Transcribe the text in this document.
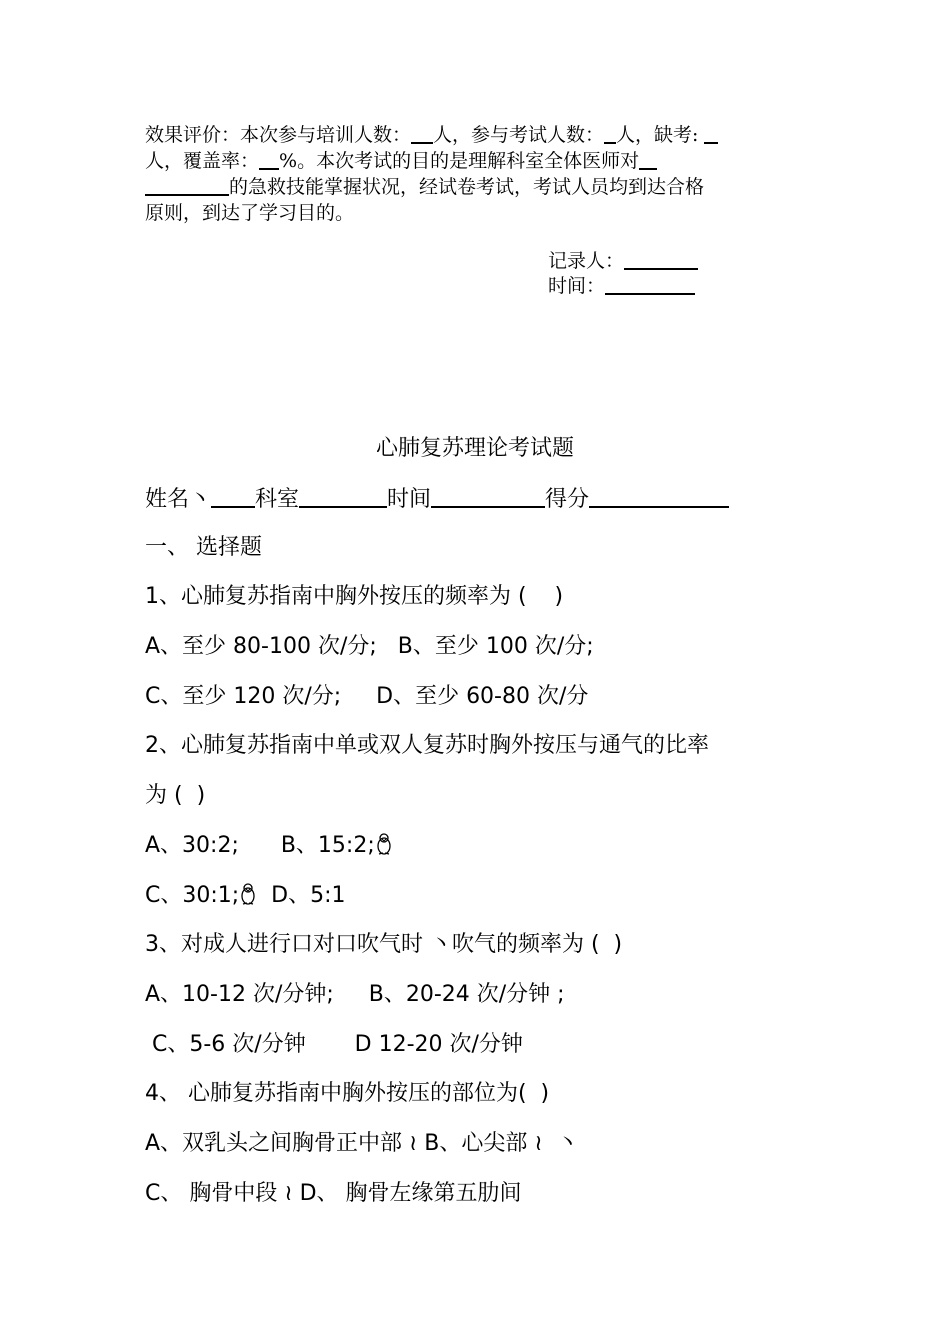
效果评价：本次参与培训人数： 人，参与考试人数： 人，缺考:
人，覆盖率： %。本次考试的目的是理解科室全体医师对
的急救技能掌握状况，经试卷考试，考试人员均到达合格
原则，到达了学习目的。
记录人：
时间：
心肺复苏理论考试题
姓名丶 科室	时间	得分
一、 选择题
1、心肺复苏指南中胸外按压的频率为 (    )
A、至少 80-100 次/分;   B、至少 100 次/分;
C、至少 120 次/分;     D、至少 60-80 次/分
2、心肺复苏指南中单或双人复苏时胸外按压与通气的比率
为 (  )
A、30:2;      B、15:2;
C、30:1;  D、5:1
3、对成人进行口对口吹气时 丶吹气的频率为 (  )
A、10-12 次/分钟;     B、20-24 次/分钟 ;
C、5-6 次/分钟       D 12-20 次/分钟
4、 心肺复苏指南中胸外按压的部位为(  )
A、双乳头之间胸骨正中部 ≀ B、心尖部 ≀  丶
C、 胸骨中段 ≀ D、 胸骨左缘第五肋间
